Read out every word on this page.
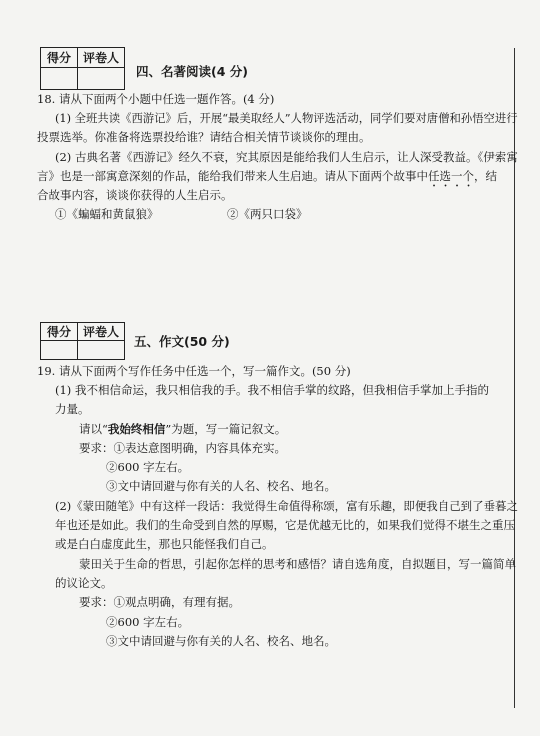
得分	评卷人

四、名著阅读(4 分)
18. 请从下面两个小题中任选一题作答。(4 分)
(1) 全班共读《西游记》后，开展“最美取经人”人物评选活动，同学们要对唐僧和孙悟空进行
投票选举。你准备将选票投给谁？请结合相关情节谈谈你的理由。
(2) 古典名著《西游记》经久不衰，究其原因是能给我们人生启示，让人深受教益。《伊索寓
言》也是一部寓意深刻的作品，能给我们带来人生启迪。请从下面两个故事中任选一个，结
合故事内容，谈谈你获得的人生启示。
①《蝙蝠和黄鼠狼》	②《两只口袋》
得分	评卷人

五、作文(50 分)
19. 请从下面两个写作任务中任选一个，写一篇作文。(50 分)
(1) 我不相信命运，我只相信我的手。我不相信手掌的纹路，但我相信手掌加上手指的
力量。
请以“我始终相信”为题，写一篇记叙文。
要求：①表达意图明确，内容具体充实。
②600 字左右。
③文中请回避与你有关的人名、校名、地名。
(2)《蒙田随笔》中有这样一段话：我觉得生命值得称颂，富有乐趣，即便我自己到了垂暮之
年也还是如此。我们的生命受到自然的厚赐，它是优越无比的，如果我们觉得不堪生之重压
或是白白虚度此生，那也只能怪我们自己。
蒙田关于生命的哲思，引起你怎样的思考和感悟？请自选角度，自拟题目，写一篇简单
的议论文。
要求：①观点明确，有理有据。
②600 字左右。
③文中请回避与你有关的人名、校名、地名。
